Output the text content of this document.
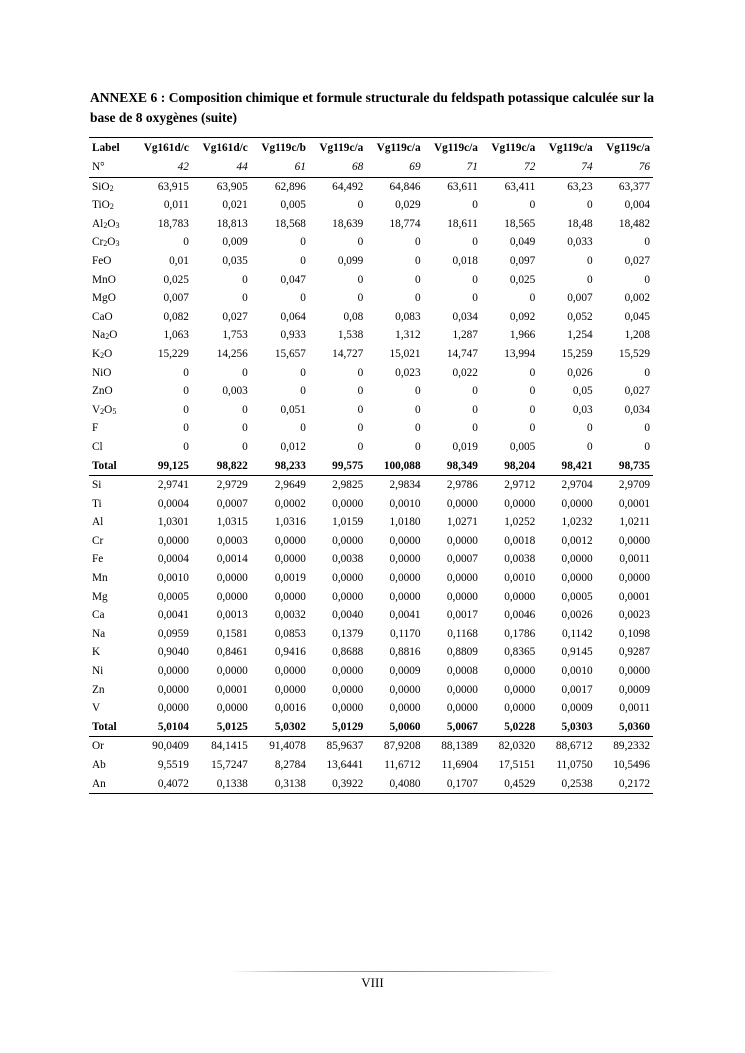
ANNEXE 6 : Composition chimique et formule structurale du feldspath potassique calculée sur la base de 8 oxygènes (suite)
Label	Vg161d/c	Vg161d/c	Vg119c/b	Vg119c/a	Vg119c/a	Vg119c/a	Vg119c/a	Vg119c/a	Vg119c/a
N°	42	44	61	68	69	71	72	74	76
SiO$_2$	63,915	63,905	62,896	64,492	64,846	63,611	63,411	63,23	63,377
TiO$_2$	0,011	0,021	0,005	0	0,029	0	0	0	0,004
$Al_2O_3$	18,783	18,813	18,568	18,639	18,774	18,611	18,565	18,48	18,482
$Cr_2O_3$	0	0,009	0	0	0	0	0,049	0,033	0
FeO	0,01	0,035	0	0,099	0	0,018	0,097	0	0,027
MnO	0,025	0	0,047	0	0	0	0,025	0	0
MgO	0,007	0	0	0	0	0	0	0,007	0,002
CaO	0,082	0,027	0,064	0,08	0,083	0,034	0,092	0,052	0,045
$Na_2O$	1,063	1,753	0,933	1,538	1,312	1,287	1,966	1,254	1,208
$K_2O$	15,229	14,256	15,657	14,727	15,021	14,747	13,994	15,259	15,529
NiO	0	0	0	0	0,023	0,022	0	0,026	0
ZnO	0	0,003	0	0	0	0	0	0,05	0,027
$V_2O_5$	0	0	0,051	0	0	0	0	0,03	0,034
F	0	0	0	0	0	0	0	0	0
Cl	0	0	0,012	0	0	0,019	0,005	0	0
Total	99,125	98,822	98,233	99,575	100,088	98,349	98,204	98,421	98,735
Si	2,9741	2,9729	2,9649	2,9825	2,9834	2,9786	2,9712	2,9704	2,9709
Ti	0,0004	0,0007	0,0002	0,0000	0,0010	0,0000	0,0000	0,0000	0,0001
Al	1,0301	1,0315	1,0316	1,0159	1,0180	1,0271	1,0252	1,0232	1,0211
Cr	0,0000	0,0003	0,0000	0,0000	0,0000	0,0000	0,0018	0,0012	0,0000
Fe	0,0004	0,0014	0,0000	0,0038	0,0000	0,0007	0,0038	0,0000	0,0011
Mn	0,0010	0,0000	0,0019	0,0000	0,0000	0,0000	0,0010	0,0000	0,0000
Mg	0,0005	0,0000	0,0000	0,0000	0,0000	0,0000	0,0000	0,0005	0,0001
Ca	0,0041	0,0013	0,0032	0,0040	0,0041	0,0017	0,0046	0,0026	0,0023
Na	0,0959	0,1581	0,0853	0,1379	0,1170	0,1168	0,1786	0,1142	0,1098
K	0,9040	0,8461	0,9416	0,8688	0,8816	0,8809	0,8365	0,9145	0,9287
Ni	0,0000	0,0000	0,0000	0,0000	0,0009	0,0008	0,0000	0,0010	0,0000
Zn	0,0000	0,0001	0,0000	0,0000	0,0000	0,0000	0,0000	0,0017	0,0009
V	0,0000	0,0000	0,0016	0,0000	0,0000	0,0000	0,0000	0,0009	0,0011
Total	5,0104	5,0125	5,0302	5,0129	5,0060	5,0067	5,0228	5,0303	5,0360
Or	90,0409	84,1415	91,4078	85,9637	87,9208	88,1389	82,0320	88,6712	89,2332
Ab	9,5519	15,7247	8,2784	13,6441	11,6712	11,6904	17,5151	11,0750	10,5496
An	0,4072	0,1338	0,3138	0,3922	0,4080	0,1707	0,4529	0,2538	0,2172
VIII
